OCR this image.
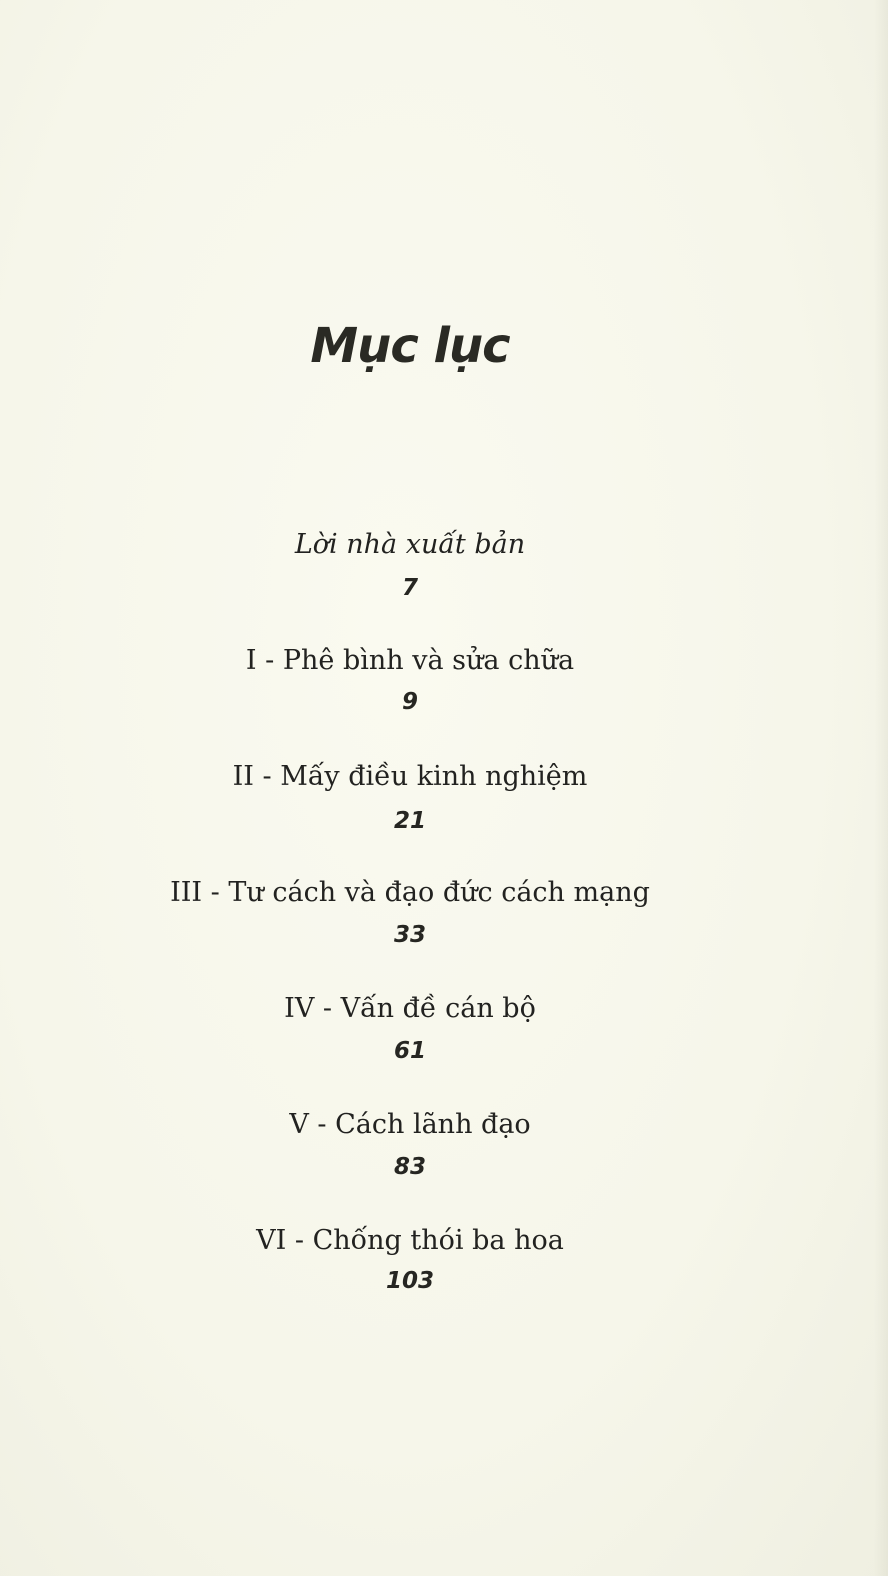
Mục lục
Lời nhà xuất bản
7
I - Phê bình và sửa chữa
9
II - Mấy điều kinh nghiệm
21
III - Tư cách và đạo đức cách mạng
33
IV - Vấn đề cán bộ
61
V - Cách lãnh đạo
83
VI - Chống thói ba hoa
103
